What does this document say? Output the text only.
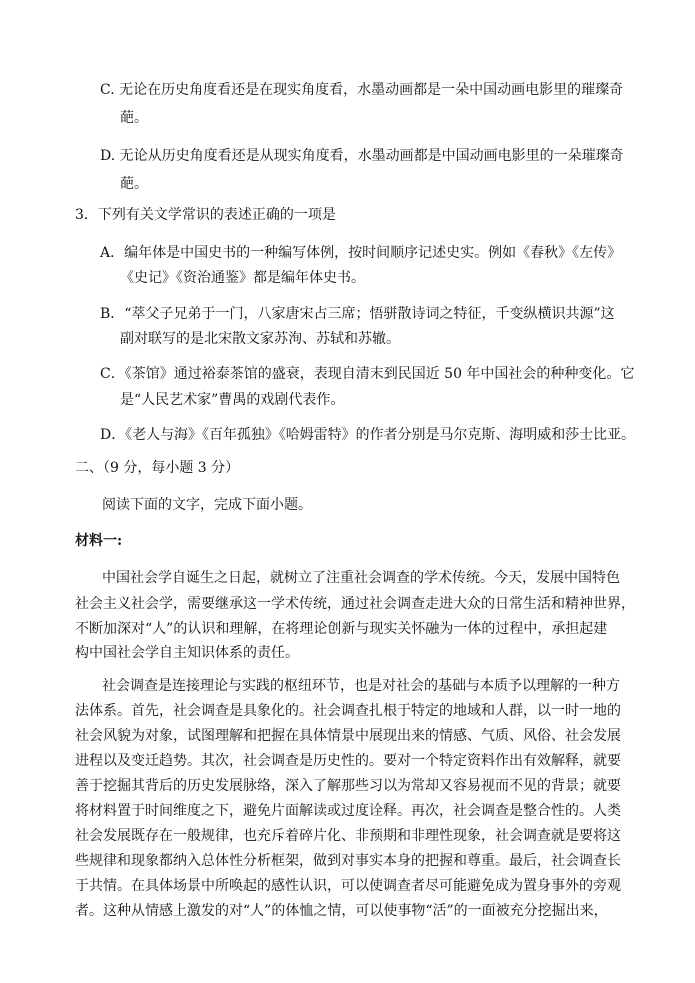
C. 无论在历史角度看还是在现实角度看，水墨动画都是一朵中国动画电影里的璀璨奇
葩。
D. 无论从历史角度看还是从现实角度看，水墨动画都是中国动画电影里的一朵璀璨奇
葩。
3．下列有关文学常识的表述正确的一项是
A．编年体是中国史书的一种编写体例，按时间顺序记述史实。例如《春秋》《左传》
《史记》《资治通鉴》都是编年体史书。
B．“萃父子兄弟于一门，八家唐宋占三席；悟骈散诗词之特征，千变纵横识共源”这
副对联写的是北宋散文家苏洵、苏轼和苏辙。
C．《茶馆》通过裕泰茶馆的盛衰，表现自清末到民国近 50 年中国社会的种种变化。它
是“人民艺术家”曹禺的戏剧代表作。
D．《老人与海》《百年孤独》《哈姆雷特》的作者分别是马尔克斯、海明威和莎士比亚。
二、（9 分，每小题 3 分）
阅读下面的文字，完成下面小题。
材料一:
中国社会学自诞生之日起，就树立了注重社会调查的学术传统。今天，发展中国特色
社会主义社会学，需要继承这一学术传统，通过社会调查走进大众的日常生活和精神世界，
不断加深对“人”的认识和理解，在将理论创新与现实关怀融为一体的过程中，承担起建
构中国社会学自主知识体系的责任。
社会调查是连接理论与实践的枢纽环节，也是对社会的基础与本质予以理解的一种方
法体系。首先，社会调查是具象化的。社会调查扎根于特定的地域和人群，以一时一地的
社会风貌为对象，试图理解和把握在具体情景中展现出来的情感、气质、风俗、社会发展
进程以及变迁趋势。其次，社会调查是历史性的。要对一个特定资料作出有效解释，就要
善于挖掘其背后的历史发展脉络，深入了解那些习以为常却又容易视而不见的背景；就要
将材料置于时间维度之下，避免片面解读或过度诠释。再次，社会调查是整合性的。人类
社会发展既存在一般规律，也充斥着碎片化、非预期和非理性现象，社会调查就是要将这
些规律和现象都纳入总体性分析框架，做到对事实本身的把握和尊重。最后，社会调查长
于共情。在具体场景中所唤起的感性认识，可以使调查者尽可能避免成为置身事外的旁观
者。这种从情感上激发的对“人”的体恤之情，可以使事物“活”的一面被充分挖掘出来，
